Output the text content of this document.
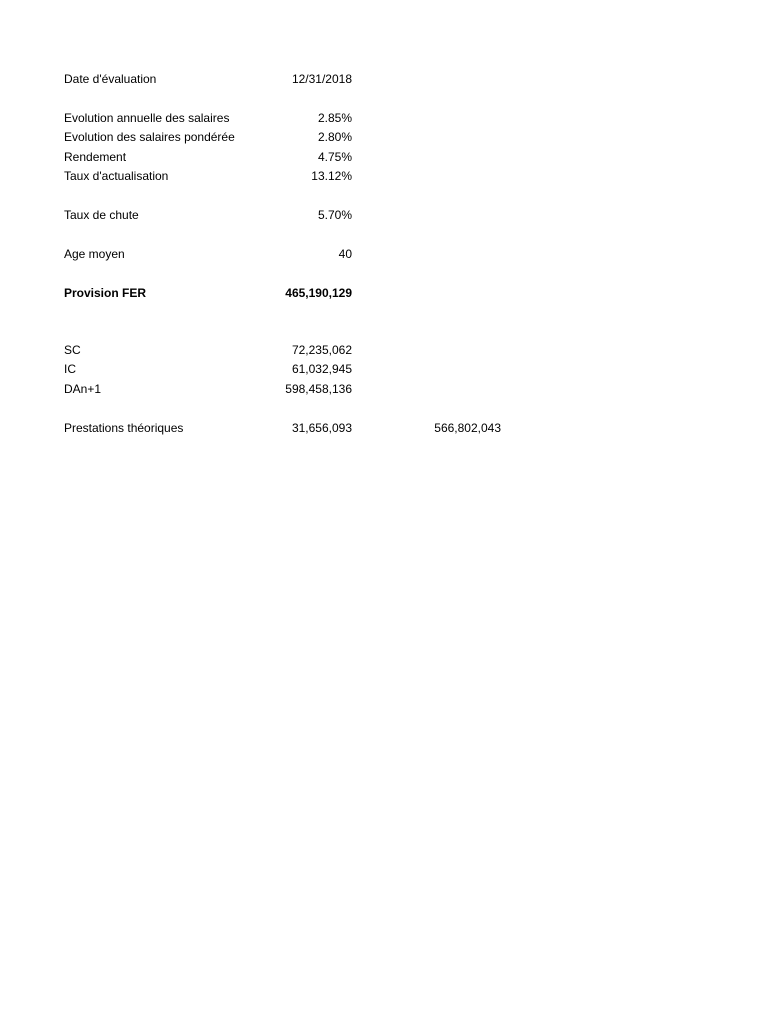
Date d'évaluation	12/31/2018
Evolution annuelle des salaires	2.85%
Evolution des salaires pondérée	2.80%
Rendement	4.75%
Taux d'actualisation	13.12%
Taux de chute	5.70%
Age moyen	40
Provision FER	465,190,129
SC	72,235,062
IC	61,032,945
DAn+1	598,458,136
Prestations théoriques	31,656,093	566,802,043
